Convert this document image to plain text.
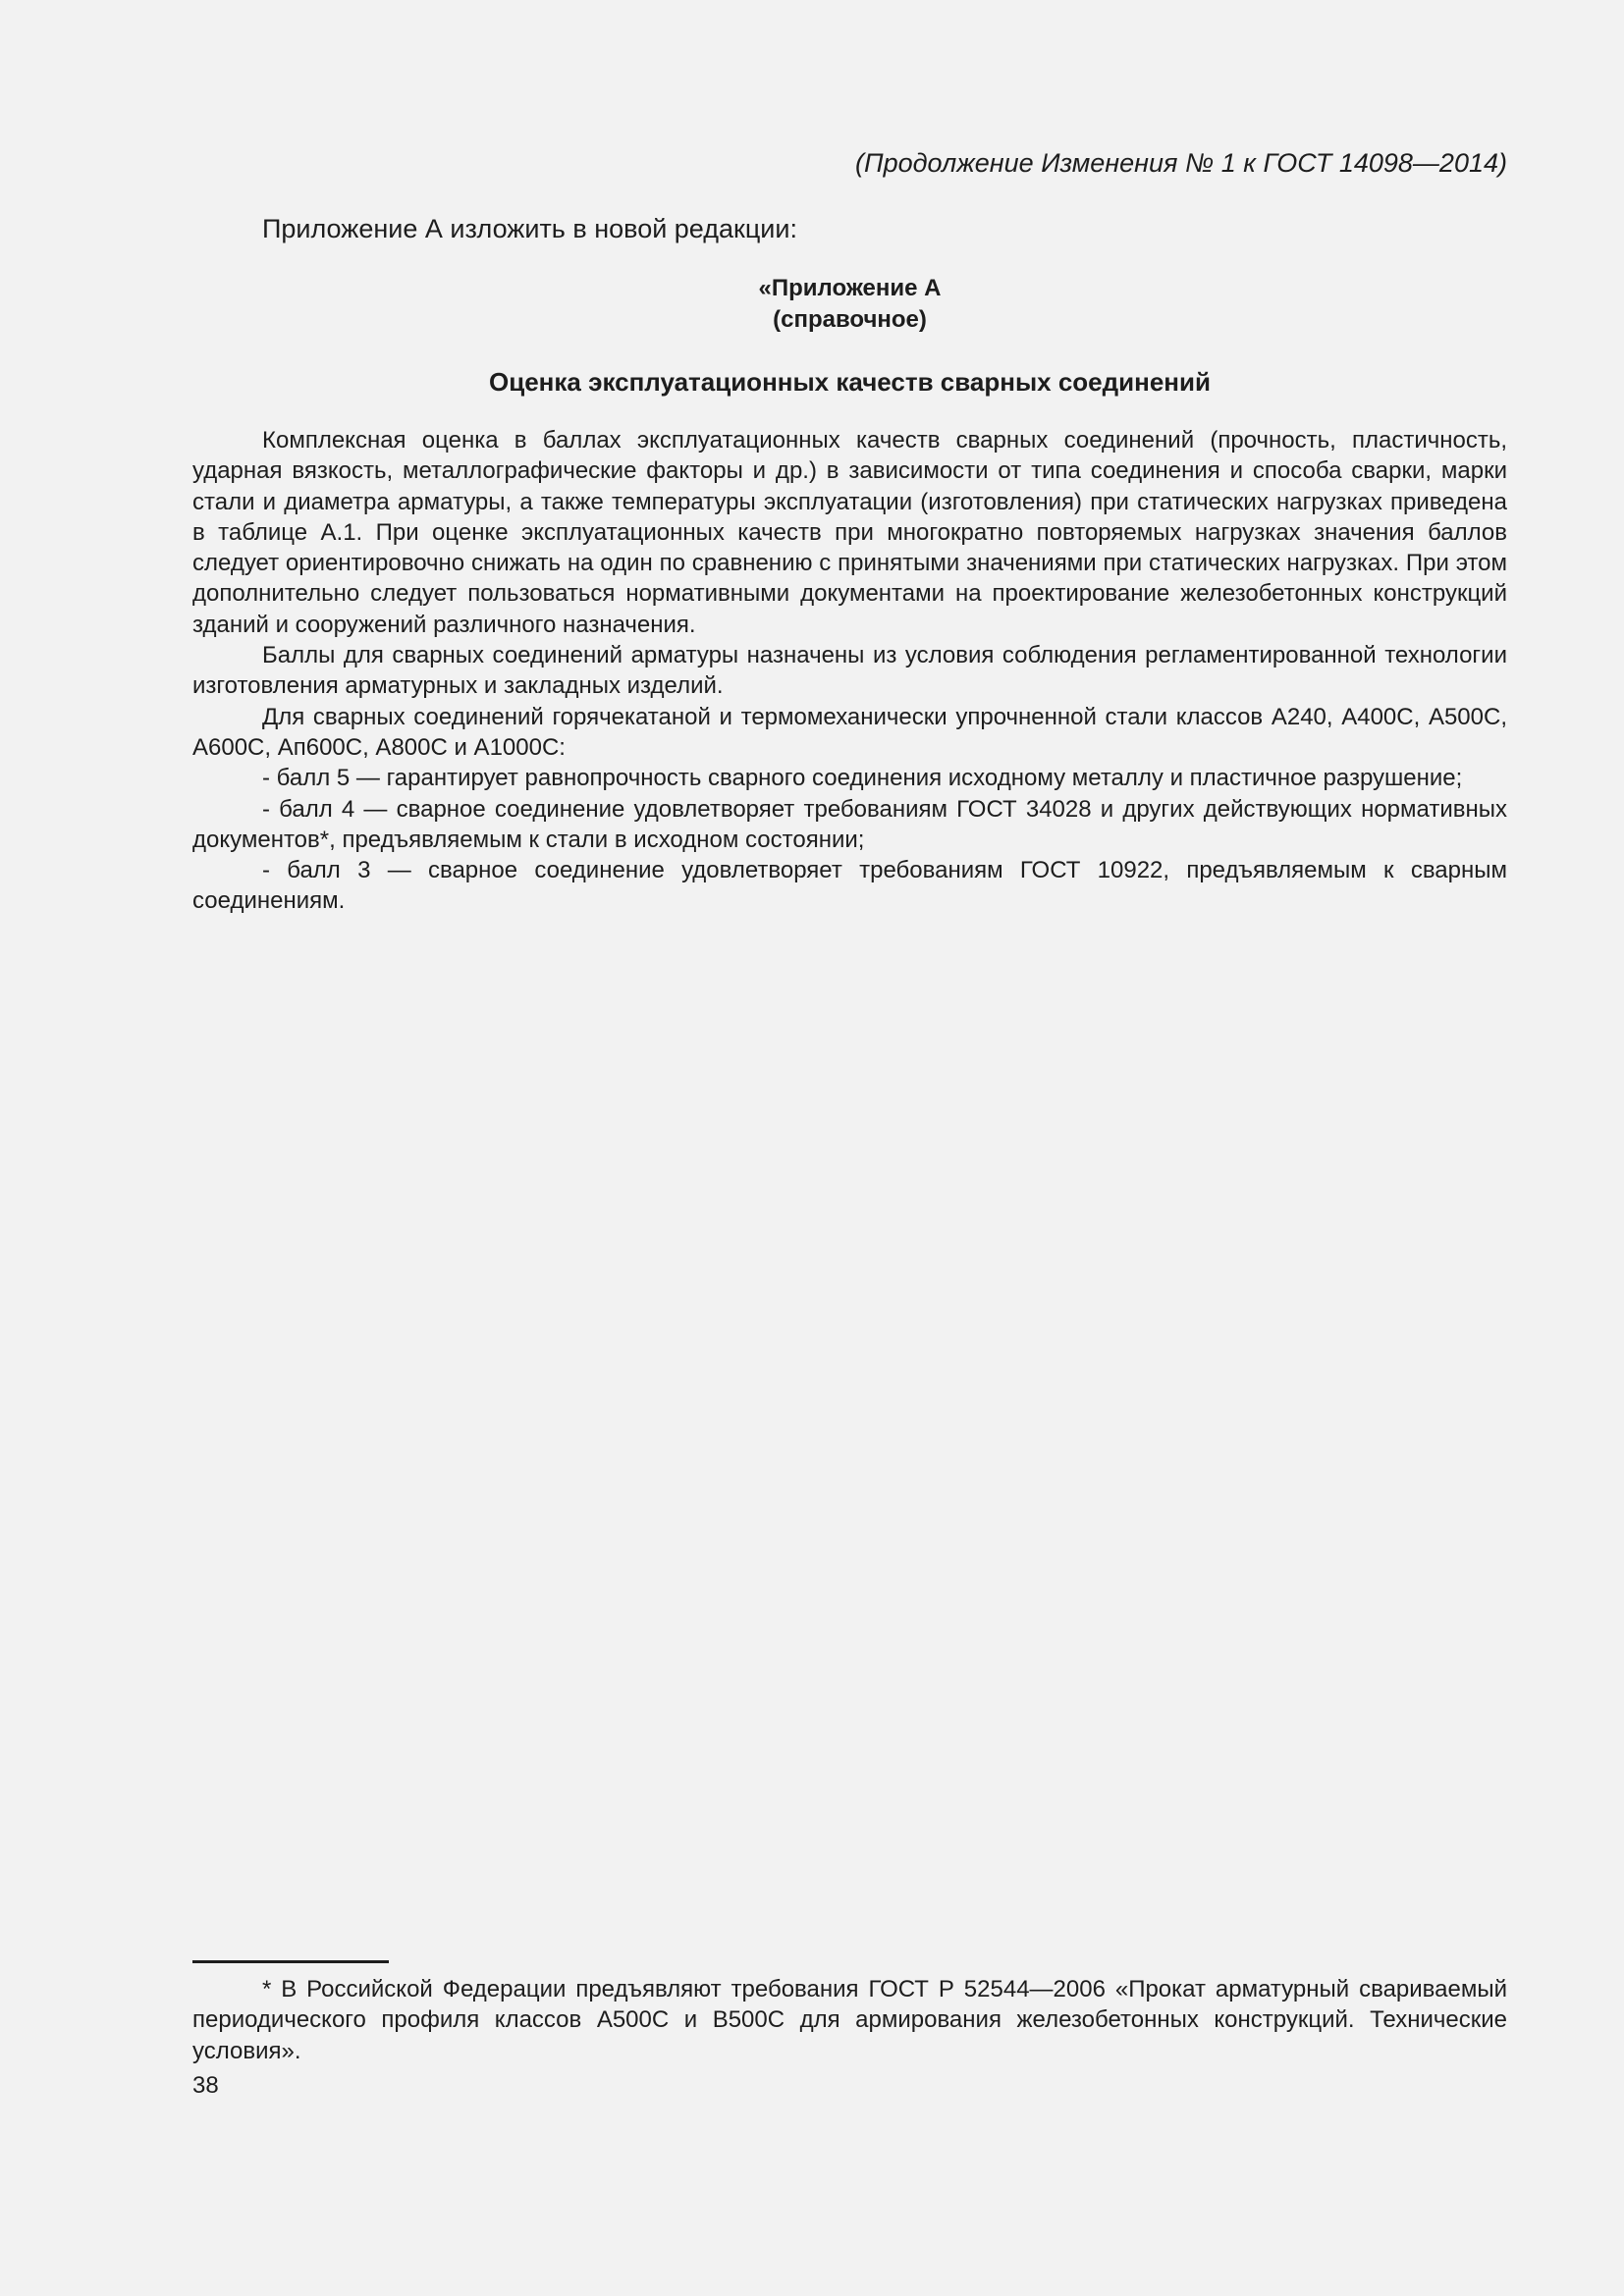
(Продолжение Изменения № 1 к ГОСТ 14098—2014)
Приложение А изложить в новой редакции:
«Приложение А
(справочное)
Оценка эксплуатационных качеств сварных соединений

Комплексная оценка в баллах эксплуатационных качеств сварных соединений (прочность, пластичность, ударная вязкость, металлографические факторы и др.) в зависимости от типа соединения и способа сварки, марки стали и диаметра арматуры, а также температуры эксплуатации (изготовления) при статических нагрузках приведена в таблице А.1. При оценке эксплуатационных качеств при многократно повторяемых нагрузках значения баллов следует ориентировочно снижать на один по сравнению с принятыми значениями при статических нагрузках. При этом дополнительно следует пользоваться нормативными документами на проектирование железобетонных конструкций зданий и сооружений различного назначения.

Баллы для сварных соединений арматуры назначены из условия соблюдения регламентированной технологии изготовления арматурных и закладных изделий.

Для сварных соединений горячекатаной и термомеханически упрочненной стали классов А240, А400С, А500С, А600С, Ап600С, А800С и А1000С:

- балл 5 — гарантирует равнопрочность сварного соединения исходному металлу и пластичное разрушение;

- балл 4 — сварное соединение удовлетворяет требованиям ГОСТ 34028 и других действующих нормативных документов*, предъявляемым к стали в исходном состоянии;

- балл 3 — сварное соединение удовлетворяет требованиям ГОСТ 10922, предъявляемым к сварным соединениям.

* В Российской Федерации предъявляют требования ГОСТ Р 52544—2006 «Прокат арматурный свариваемый периодического профиля классов А500С и В500С для армирования железобетонных конструкций. Технические условия».

38
